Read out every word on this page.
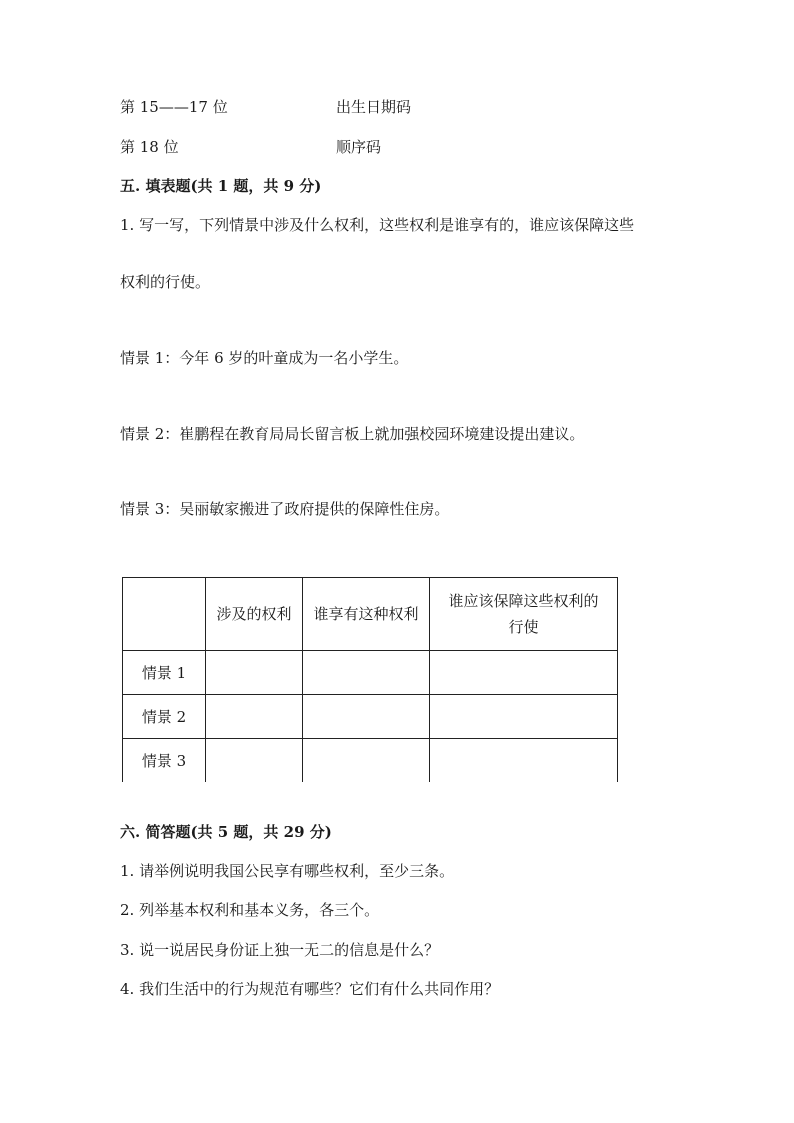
第 15——17 位	出生日期码
第 18 位	顺序码
五. 填表题(共 1 题，共 9 分)
1. 写一写，下列情景中涉及什么权利，这些权利是谁享有的，谁应该保障这些
权利的行使。
情景 1：今年 6 岁的叶童成为一名小学生。
情景 2：崔鹏程在教育局局长留言板上就加强校园环境建设提出建议。
情景 3：吴丽敏家搬进了政府提供的保障性住房。
	涉及的权利	谁享有这种权利	谁应该保障这些权利的
行使

情景 1			
情景 2			
情景 3			
六. 简答题(共 5 题，共 29 分)
1. 请举例说明我国公民享有哪些权利，至少三条。
2. 列举基本权利和基本义务，各三个。
3. 说一说居民身份证上独一无二的信息是什么？
4. 我们生活中的行为规范有哪些？它们有什么共同作用？
